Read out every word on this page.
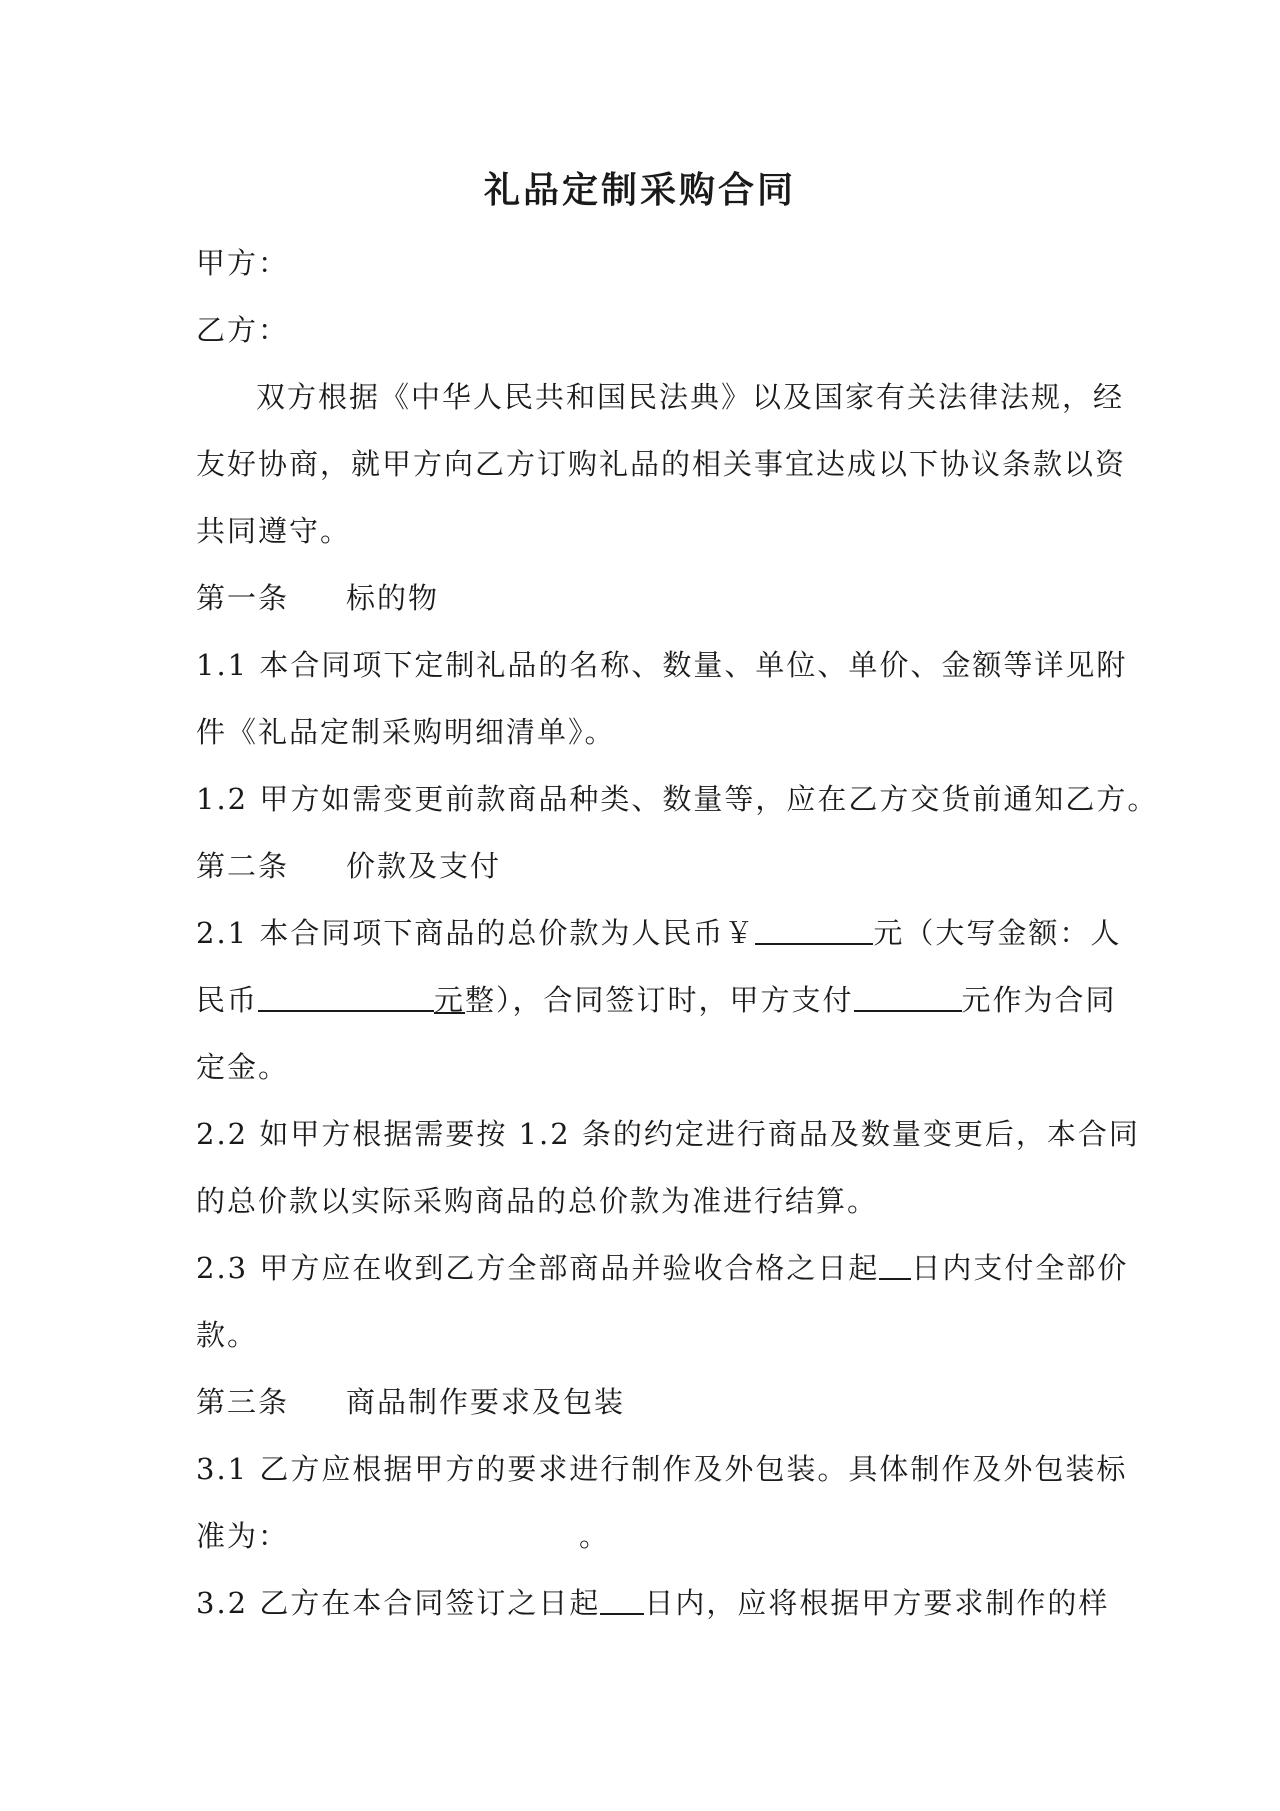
礼品定制采购合同
甲方：
乙方：
双方根据《中华人民共和国民法典》以及国家有关法律法规，经
友好协商，就甲方向乙方订购礼品的相关事宜达成以下协议条款以资
共同遵守。
第一条 标的物
1.1 本合同项下定制礼品的名称、数量、单位、单价、金额等详见附
件《礼品定制采购明细清单》。
1.2 甲方如需变更前款商品种类、数量等，应在乙方交货前通知乙方。
第二条 价款及支付
2.1 本合同项下商品的总价款为人民币￥	元（大写金额：人
民币	元整），合同签订时，甲方支付	元作为合同
定金。
2.2 如甲方根据需要按 1.2 条的约定进行商品及数量变更后，本合同
的总价款以实际采购商品的总价款为准进行结算。
2.3 甲方应在收到乙方全部商品并验收合格之日起 日内支付全部价
款。
第三条 商品制作要求及包装
3.1 乙方应根据甲方的要求进行制作及外包装。具体制作及外包装标
准为：	。
3.2 乙方在本合同签订之日起 日内，应将根据甲方要求制作的样
